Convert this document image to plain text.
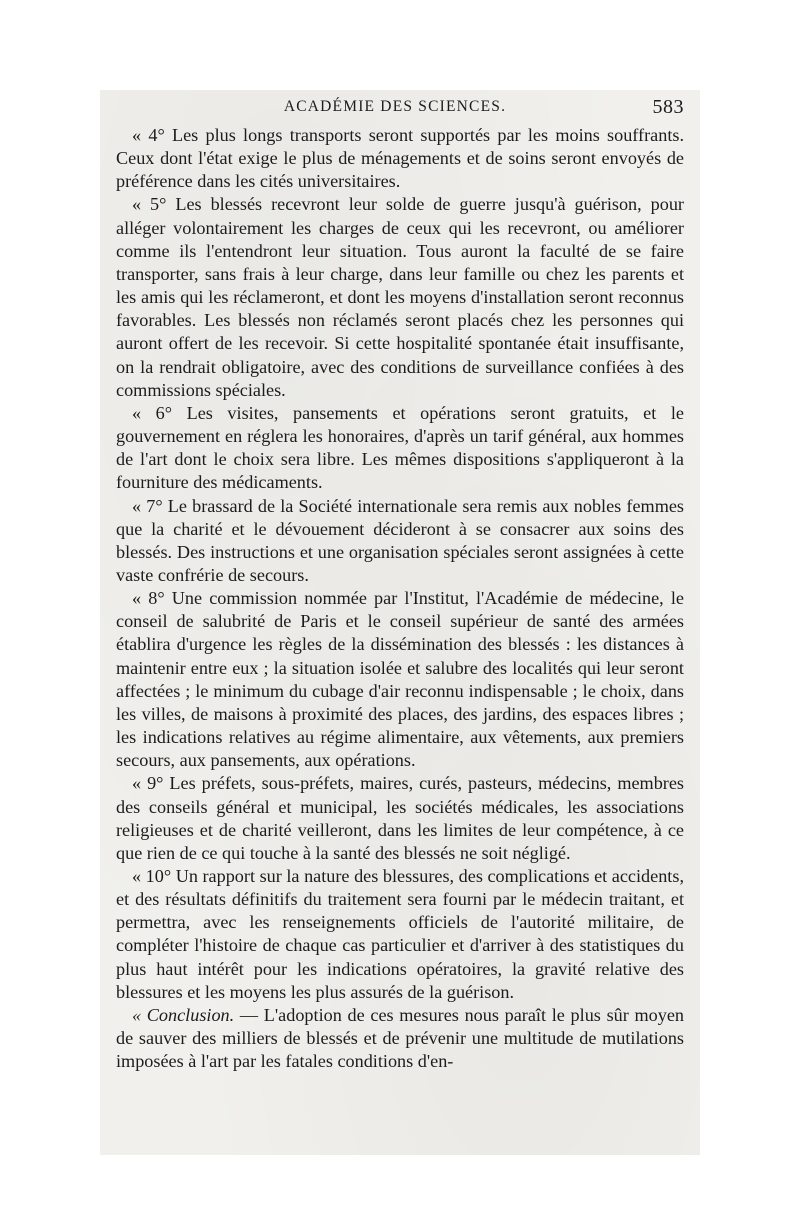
ACADÉMIE DES SCIENCES.	583

« 4° Les plus longs transports seront supportés par les moins souffrants. Ceux dont l'état exige le plus de ménagements et de soins seront envoyés de préférence dans les cités universitaires.

« 5° Les blessés recevront leur solde de guerre jusqu'à guérison, pour alléger volontairement les charges de ceux qui les recevront, ou améliorer comme ils l'entendront leur situation. Tous auront la faculté de se faire transporter, sans frais à leur charge, dans leur famille ou chez les parents et les amis qui les réclameront, et dont les moyens d'installation seront reconnus favorables. Les blessés non réclamés seront placés chez les personnes qui auront offert de les recevoir. Si cette hospitalité spontanée était insuffisante, on la rendrait obligatoire, avec des conditions de surveillance confiées à des commissions spéciales.

« 6° Les visites, pansements et opérations seront gratuits, et le gouvernement en réglera les honoraires, d'après un tarif général, aux hommes de l'art dont le choix sera libre. Les mêmes dispositions s'appliqueront à la fourniture des médicaments.

« 7° Le brassard de la Société internationale sera remis aux nobles femmes que la charité et le dévouement décideront à se consacrer aux soins des blessés. Des instructions et une organisation spéciales seront assignées à cette vaste confrérie de secours.

« 8° Une commission nommée par l'Institut, l'Académie de médecine, le conseil de salubrité de Paris et le conseil supérieur de santé des armées établira d'urgence les règles de la dissémination des blessés : les distances à maintenir entre eux ; la situation isolée et salubre des localités qui leur seront affectées ; le minimum du cubage d'air reconnu indispensable ; le choix, dans les villes, de maisons à proximité des places, des jardins, des espaces libres ; les indications relatives au régime alimentaire, aux vêtements, aux premiers secours, aux pansements, aux opérations.

« 9° Les préfets, sous-préfets, maires, curés, pasteurs, médecins, membres des conseils général et municipal, les sociétés médicales, les associations religieuses et de charité veilleront, dans les limites de leur compétence, à ce que rien de ce qui touche à la santé des blessés ne soit négligé.

« 10° Un rapport sur la nature des blessures, des complications et accidents, et des résultats définitifs du traitement sera fourni par le médecin traitant, et permettra, avec les renseignements officiels de l'autorité militaire, de compléter l'histoire de chaque cas particulier et d'arriver à des statistiques du plus haut intérêt pour les indications opératoires, la gravité relative des blessures et les moyens les plus assurés de la guérison.

« Conclusion. — L'adoption de ces mesures nous paraît le plus sûr moyen de sauver des milliers de blessés et de prévenir une multitude de mutilations imposées à l'art par les fatales conditions d'en-
